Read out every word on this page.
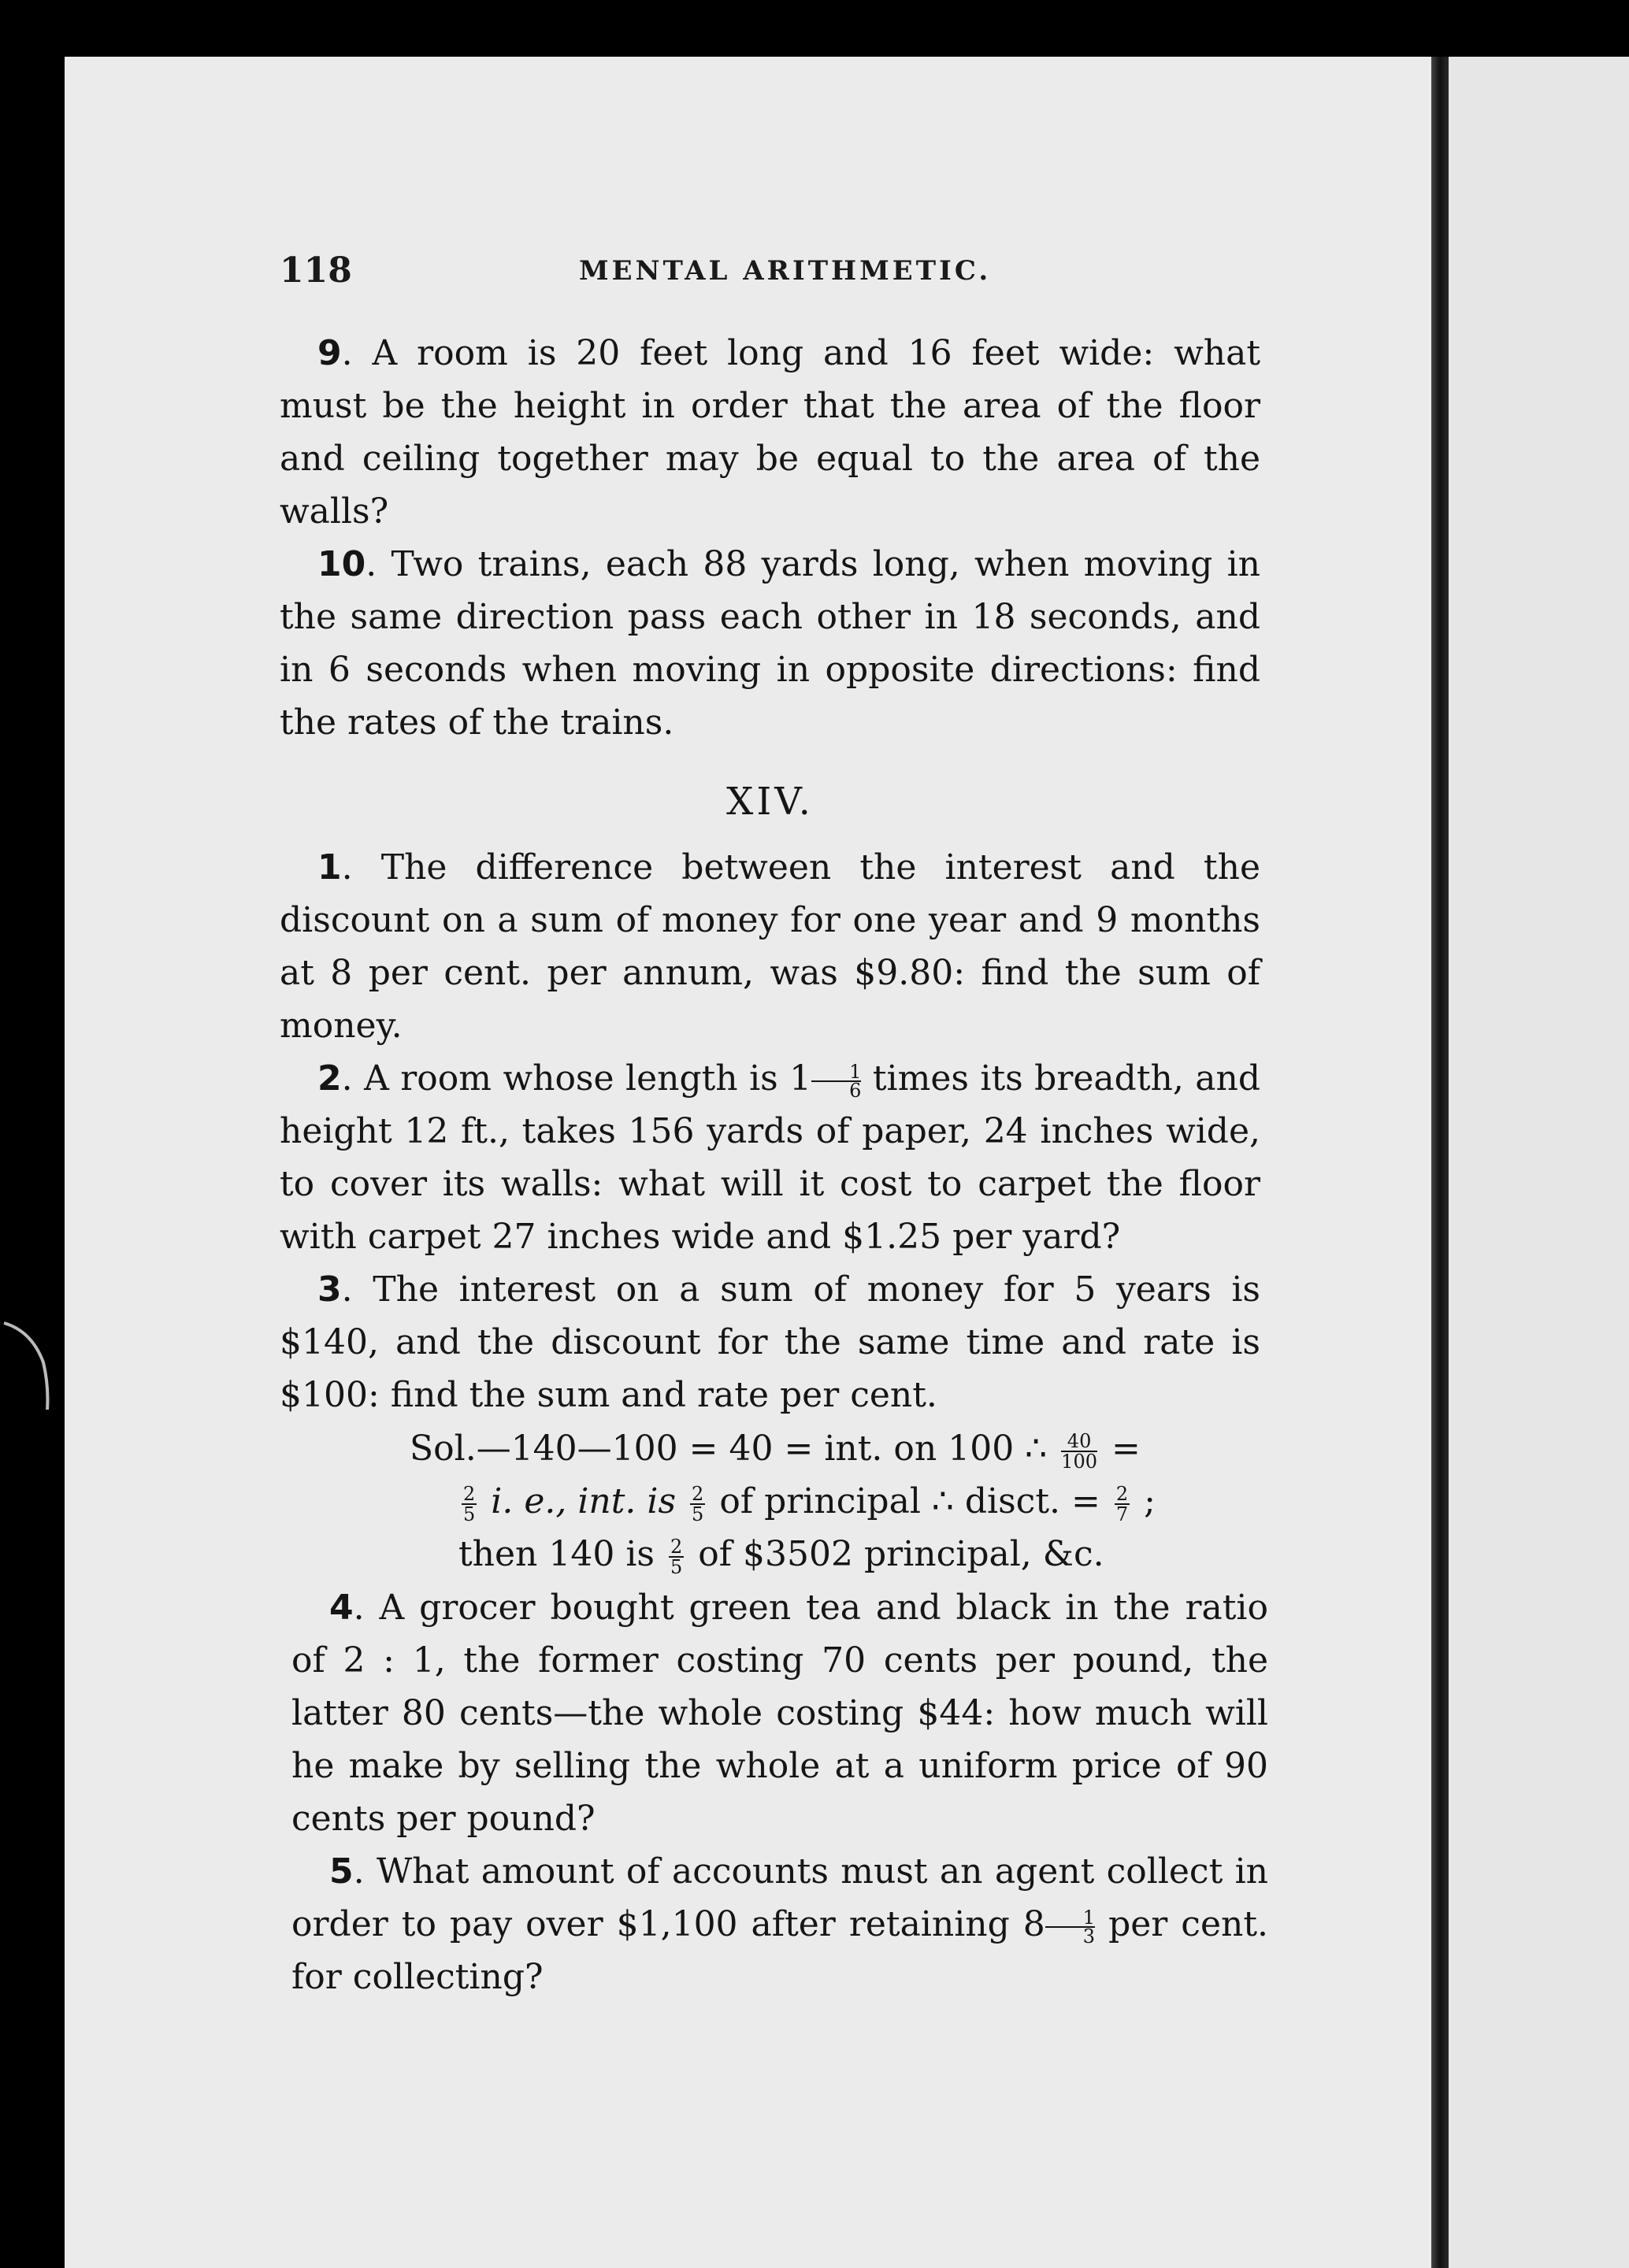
118	MENTAL ARITHMETIC.

9. A room is 20 feet long and 16 feet wide: what must be the height in order that the area of the floor and ceiling together may be equal to the area of the walls?

10. Two trains, each 88 yards long, when moving in the same direction pass each other in 18 seconds, and in 6 seconds when moving in opposite directions: find the rates of the trains.

XIV.

1. The difference between the interest and the discount on a sum of money for one year and 9 months at 8 per cent. per annum, was $9.80: find the sum of money.

2. A room whose length is $1 \frac{1}{6}$ times its breadth, and height 12 ft., takes 156 yards of paper, 24 inches wide, to cover its walls: what will it cost to carpet the floor with carpet 27 inches wide and $1.25 per yard?

3. The interest on a sum of money for 5 years is $140, and the discount for the same time and rate is $100: find the sum and rate per cent.

Sol.—140—100 = 40 = int. on 100 ∴ $\frac{40}{100}$ =
$\frac{2}{5} i$. e., int. is $\frac{2}{5}$ of principal ∴ disct. = $\frac{2}{7}$ ;
then 140 is $\frac{2}{5}$ of $3502 principal, &c.

4. A grocer bought green tea and black in the ratio of 2 : 1, the former costing 70 cents per pound, the latter 80 cents—the whole costing $44: how much will he make by selling the whole at a uniform price of 90 cents per pound?

5. What amount of accounts must an agent collect in order to pay over $1,100 after retaining $8 \frac{1}{3}$ per cent. for collecting?
